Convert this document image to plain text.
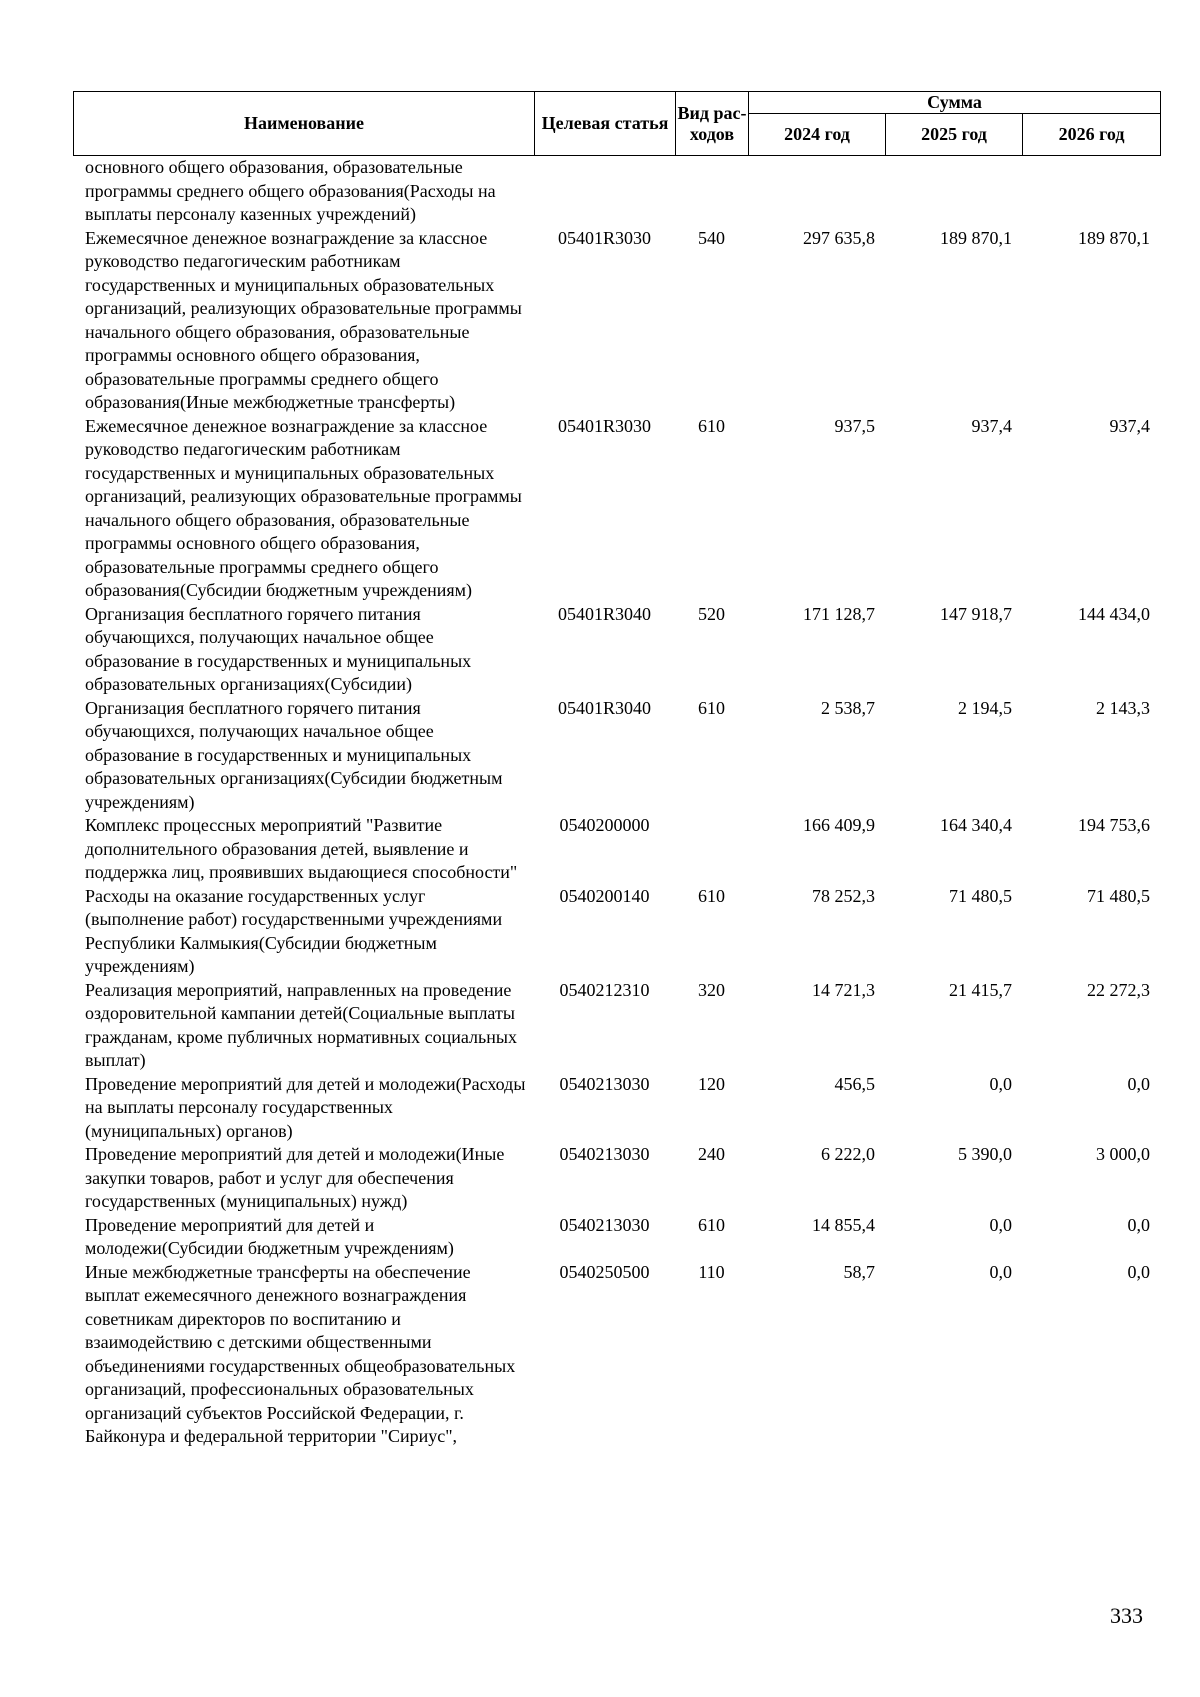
Наименование	Целевая статья	Вид рас-ходов	Сумма		
			2024 год	2025 год	2026 год
основного общего образования, образовательные программы среднего общего образования(Расходы на выплаты персоналу казенных учреждений)					
Ежемесячное денежное вознаграждение за классное руководство педагогическим работникам государственных и муниципальных образовательных организаций, реализующих образовательные программы начального общего образования, образовательные программы основного общего образования, образовательные программы среднего общего образования(Иные межбюджетные трансферты)	05401R3030	540	297 635,8	189 870,1	189 870,1
Ежемесячное денежное вознаграждение за классное руководство педагогическим работникам государственных и муниципальных образовательных организаций, реализующих образовательные программы начального общего образования, образовательные программы основного общего образования, образовательные программы среднего общего образования(Субсидии бюджетным учреждениям)	05401R3030	610	937,5	937,4	937,4
Организация бесплатного горячего питания обучающихся, получающих начальное общее образование в государственных и муниципальных образовательных организациях(Субсидии)	05401R3040	520	171 128,7	147 918,7	144 434,0
Организация бесплатного горячего питания обучающихся, получающих начальное общее образование в государственных и муниципальных образовательных организациях(Субсидии бюджетным учреждениям)	05401R3040	610	2 538,7	2 194,5	2 143,3
Комплекс процессных мероприятий "Развитие дополнительного образования детей, выявление и поддержка лиц, проявивших выдающиеся способности"	0540200000		166 409,9	164 340,4	194 753,6
Расходы на оказание государственных услуг (выполнение работ) государственными учреждениями Республики Калмыкия(Субсидии бюджетным учреждениям)	0540200140	610	78 252,3	71 480,5	71 480,5
Реализация мероприятий, направленных на проведение оздоровительной кампании детей(Социальные выплаты гражданам, кроме публичных нормативных социальных выплат)	0540212310	320	14 721,3	21 415,7	22 272,3
Проведение мероприятий для детей и молодежи(Расходы на выплаты персоналу государственных (муниципальных) органов)	0540213030	120	456,5	0,0	0,0
Проведение мероприятий для детей и молодежи(Иные закупки товаров, работ и услуг для обеспечения государственных (муниципальных) нужд)	0540213030	240	6 222,0	5 390,0	3 000,0
Проведение мероприятий для детей и молодежи(Субсидии бюджетным учреждениям)	0540213030	610	14 855,4	0,0	0,0
Иные межбюджетные трансферты на обеспечение выплат ежемесячного денежного вознаграждения советникам директоров по воспитанию и взаимодействию с детскими общественными объединениями государственных общеобразовательных организаций, профессиональных образовательных организаций субъектов Российской Федерации, г. Байконура и федеральной территории "Сириус",	0540250500	110	58,7	0,0	0,0
333
